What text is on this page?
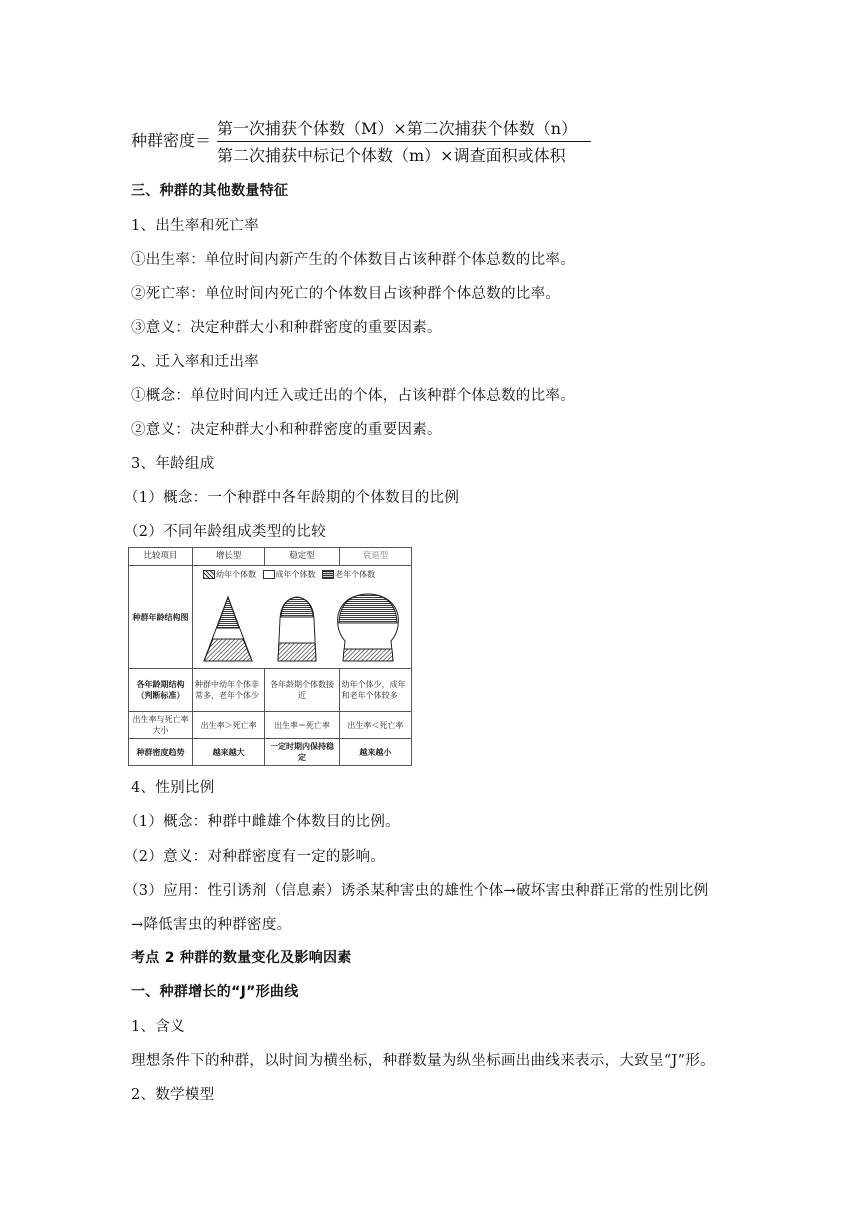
种群密度＝
第一次捕获个体数（M）×第二次捕获个体数（n）
第二次捕获中标记个体数（m）×调查面积或体积
三、种群的其他数量特征
1、出生率和死亡率
①出生率：单位时间内新产生的个体数目占该种群个体总数的比率。
②死亡率：单位时间内死亡的个体数目占该种群个体总数的比率。
③意义：决定种群大小和种群密度的重要因素。
2、迁入率和迁出率
①概念：单位时间内迁入或迁出的个体，占该种群个体总数的比率。
②意义：决定种群大小和种群密度的重要因素。
3、年龄组成
（1）概念：一个种群中各年龄期的个体数目的比例
（2）不同年龄组成类型的比较
比较项目	增长型	稳定型	衰退型
种群年龄结构图	幼年个体数 成年个体数 老年个体数		

各年龄期结构（判断标准）	种群中幼年个体非常多，老年个体少	各年龄期个体数接近	幼年个体少，成年和老年个体较多
出生率与死亡率大小	出生率＞死亡率	出生率＝死亡率	出生率＜死亡率
种群密度趋势	越来越大	一定时期内保持稳定	越来越小
4、性别比例
（1）概念：种群中雌雄个体数目的比例。
（2）意义：对种群密度有一定的影响。
（3）应用：性引诱剂（信息素）诱杀某种害虫的雄性个体→破坏害虫种群正常的性别比例
→降低害虫的种群密度。
考点 2 种群的数量变化及影响因素
一、种群增长的“J”形曲线
1、含义
理想条件下的种群，以时间为横坐标，种群数量为纵坐标画出曲线来表示，大致呈“J”形。
2、数学模型
